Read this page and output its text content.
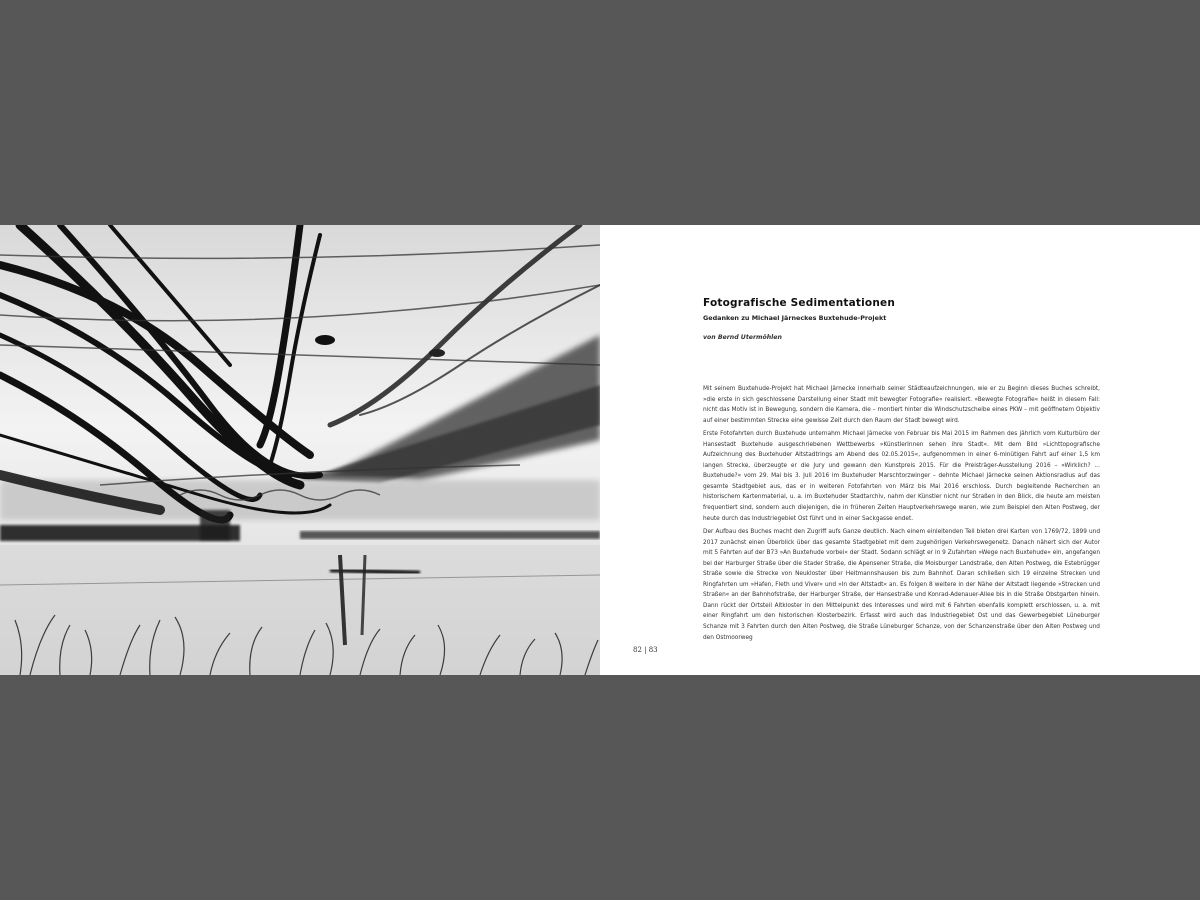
Fotografische Sedimentationen
Gedanken zu Michael Järneckes Buxtehude-Projekt
von Bernd Utermöhlen

Mit seinem Buxtehude-Projekt hat Michael Järnecke innerhalb seiner Städteaufzeichnungen, wie er zu Beginn dieses Buches schreibt, »die erste in sich geschlossene Darstellung einer Stadt mit bewegter Fotografie« realisiert. »Bewegte Fotografie« heißt in diesem Fall: nicht das Motiv ist in Bewegung, sondern die Kamera, die – montiert hinter die Windschutzscheibe eines PKW – mit geöffnetem Objektiv auf einer bestimmten Strecke eine gewisse Zeit durch den Raum der Stadt bewegt wird.

Erste Fotofahrten durch Buxtehude unternahm Michael Järnecke von Februar bis Mai 2015 im Rahmen des jährlich vom Kulturbüro der Hansestadt Buxtehude ausgeschriebenen Wettbewerbs »KünstlerInnen sehen ihre Stadt«. Mit dem Bild »Lichttopografische Aufzeichnung des Buxtehuder Altstadtrings am Abend des 02.05.2015«, aufgenommen in einer 6-minütigen Fahrt auf einer 1,5 km langen Strecke, überzeugte er die Jury und gewann den Kunstpreis 2015. Für die Preisträger-Ausstellung 2016 – »Wirklich? ... Buxtehude?« vom 29. Mai bis 3. Juli 2016 im Buxtehuder Marschtorzwinger – dehnte Michael Järnecke seinen Aktionsradius auf das gesamte Stadtgebiet aus, das er in weiteren Fotofahrten von März bis Mai 2016 erschloss. Durch begleitende Recherchen an historischem Kartenmaterial, u. a. im Buxtehuder Stadtarchiv, nahm der Künstler nicht nur Straßen in den Blick, die heute am meisten frequentiert sind, sondern auch diejenigen, die in früheren Zeiten Hauptverkehrswege waren, wie zum Beispiel den Alten Postweg, der heute durch das Industriegebiet Ost führt und in einer Sackgasse endet.

Der Aufbau des Buches macht den Zugriff aufs Ganze deutlich. Nach einem einleitenden Teil bieten drei Karten von 1769/72, 1899 und 2017 zunächst einen Überblick über das gesamte Stadtgebiet mit dem zugehörigen Verkehrswegenetz. Danach nähert sich der Autor mit 5 Fahrten auf der B73 »An Buxtehude vorbei« der Stadt. Sodann schlägt er in 9 Zufahrten »Wege nach Buxtehude« ein, angefangen bei der Harburger Straße über die Stader Straße, die Apensener Straße, die Moisburger Landstraße, den Alten Postweg, die Estebrügger Straße sowie die Strecke von Neukloster über Heitmannshausen bis zum Bahnhof. Daran schließen sich 19 einzelne Strecken und Ringfahrten um »Hafen, Fleth und Viver« und »In der Altstadt« an. Es folgen 8 weitere in der Nähe der Altstadt liegende »Strecken und Straßen« an der Bahnhofstraße, der Harburger Straße, der Hansestraße und Konrad-Adenauer-Allee bis in die Straße Obstgarten hinein. Dann rückt der Ortsteil Altkloster in den Mittelpunkt des Interesses und wird mit 6 Fahrten ebenfalls komplett erschlossen, u. a. mit einer Ringfahrt um den historischen Klosterbezirk. Erfasst wird auch das Industriegebiet Ost und das Gewerbegebiet Lüneburger Schanze mit 3 Fahrten durch den Alten Postweg, die Straße Lüneburger Schanze, von der Schanzenstraße über den Alten Postweg und den Ostmoorweg

82 | 83
